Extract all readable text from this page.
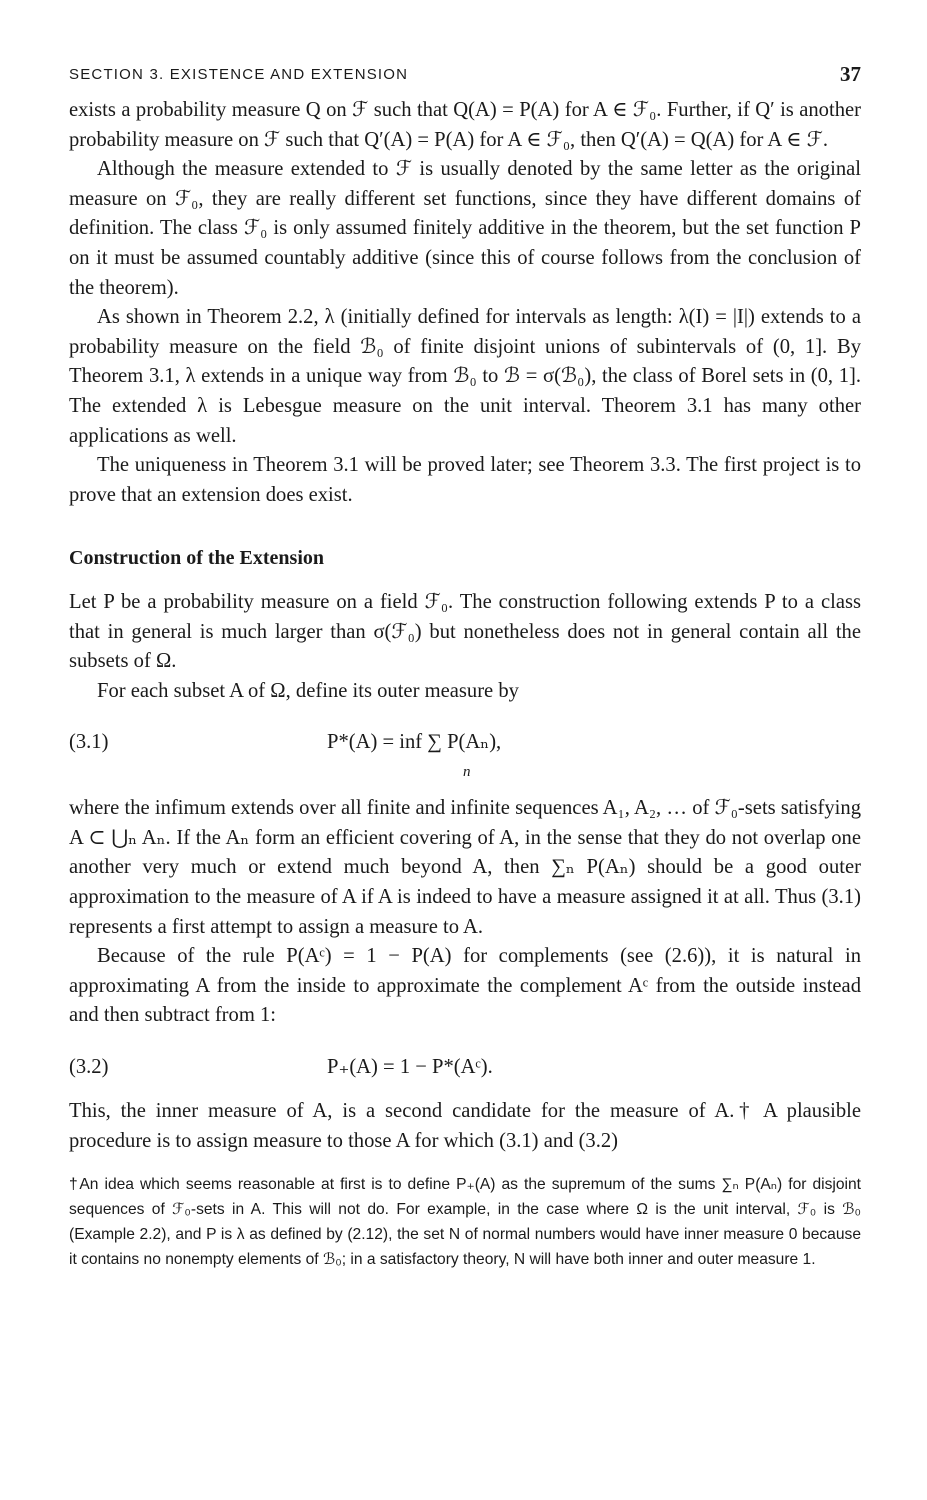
SECTION 3. EXISTENCE AND EXTENSION	37

exists a probability measure Q on ℱ such that Q(A) = P(A) for A ∈ ℱ₀. Further, if Q′ is another probability measure on ℱ such that Q′(A) = P(A) for A ∈ ℱ₀, then Q′(A) = Q(A) for A ∈ ℱ.

Although the measure extended to ℱ is usually denoted by the same letter as the original measure on ℱ₀, they are really different set functions, since they have different domains of definition. The class ℱ₀ is only assumed finitely additive in the theorem, but the set function P on it must be assumed countably additive (since this of course follows from the conclusion of the theorem).

As shown in Theorem 2.2, λ (initially defined for intervals as length: λ(I) = |I|) extends to a probability measure on the field ℬ₀ of finite disjoint unions of subintervals of (0, 1]. By Theorem 3.1, λ extends in a unique way from ℬ₀ to ℬ = σ(ℬ₀), the class of Borel sets in (0, 1]. The extended λ is Lebesgue measure on the unit interval. Theorem 3.1 has many other applications as well.

The uniqueness in Theorem 3.1 will be proved later; see Theorem 3.3. The first project is to prove that an extension does exist.

Construction of the Extension

Let P be a probability measure on a field ℱ₀. The construction following extends P to a class that in general is much larger than σ(ℱ₀) but nonetheless does not in general contain all the subsets of Ω.

For each subset A of Ω, define its outer measure by

(3.1)	P*(A) = inf ∑ P(Aₙ),
n

where the infimum extends over all finite and infinite sequences A₁, A₂, … of ℱ₀-sets satisfying A ⊂ ⋃ₙ Aₙ. If the Aₙ form an efficient covering of A, in the sense that they do not overlap one another very much or extend much beyond A, then ∑ₙ P(Aₙ) should be a good outer approximation to the measure of A if A is indeed to have a measure assigned it at all. Thus (3.1) represents a first attempt to assign a measure to A.

Because of the rule P(Aᶜ) = 1 − P(A) for complements (see (2.6)), it is natural in approximating A from the inside to approximate the complement Aᶜ from the outside instead and then subtract from 1:

(3.2)	P₊(A) = 1 − P*(Aᶜ).

This, the inner measure of A, is a second candidate for the measure of A.† A plausible procedure is to assign measure to those A for which (3.1) and (3.2)

†An idea which seems reasonable at first is to define P₊(A) as the supremum of the sums ∑ₙ P(Aₙ) for disjoint sequences of ℱ₀-sets in A. This will not do. For example, in the case where Ω is the unit interval, ℱ₀ is ℬ₀ (Example 2.2), and P is λ as defined by (2.12), the set N of normal numbers would have inner measure 0 because it contains no nonempty elements of ℬ₀; in a satisfactory theory, N will have both inner and outer measure 1.
